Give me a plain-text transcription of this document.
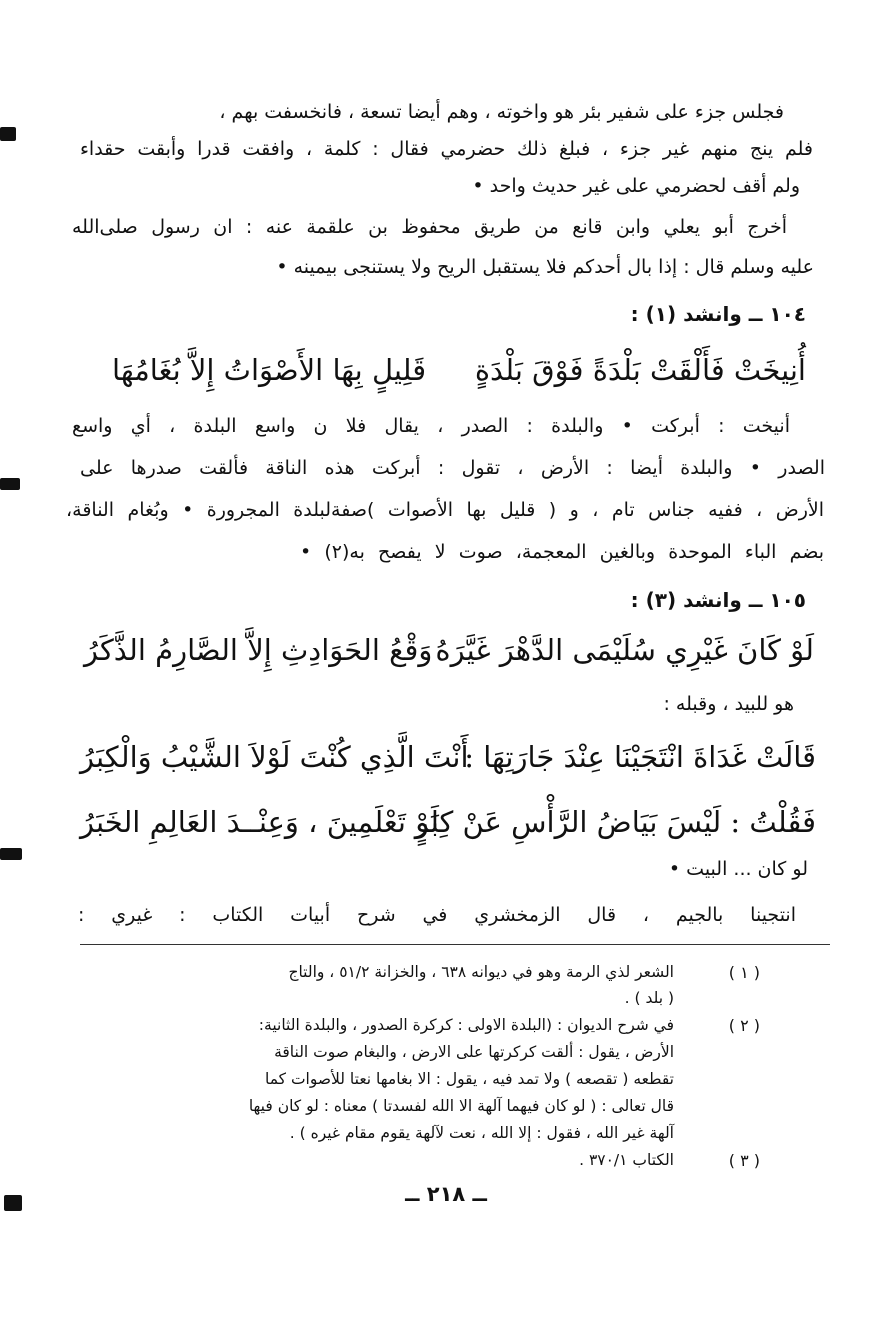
فجلس جزء على شفير بئر هو واخوته ، وهم أيضا تسعة ، فانخسفت بهم ،
فلم ينج منهم غير جزء ، فبلغ ذلك حضرمي فقال : كلمة ، وافقت قدرا وأبقت حقداء
ولم أقف لحضرمي على غير حديث واحد •
أخرج أبو يعلي وابن قانع من طريق محفوظ بن علقمة عنه : ان رسول صلى‌الله
عليه وسلم قال : إذا بال أحدكم فلا يستقبل الريح ولا يستنجى بيمينه •
١٠٤ ــ وانشد (١) :
أُنِيخَتْ فَأَلْقَتْ بَلْدَةً فَوْقَ بَلْدَةٍ
قَلِيلٍ بِهَا الأَصْوَاتُ إِلاَّ بُغَامُهَا
أنيخت : أبركت • والبلدة : الصدر ، يقال فلا ن واسع البلدة ، أي واسع
الصدر • والبلدة أيضا : الأرض ، تقول : أبركت هذه الناقة فألقت صدرها على
الأرض ، ففيه جناس تام ، و ( قليل بها الأصوات )صفةلبلدة المجرورة • وبُغام الناقة،
بضم الباء الموحدة وبالغين المعجمة، صوت لا يفصح به(٢) •
١٠٥ ــ وانشد (٣) :
لَوْ كَانَ غَيْرِي سُلَيْمَى الدَّهْرَ غَيَّرَهُ
وَقْعُ الحَوَادِثِ إِلاَّ الصَّارِمُ الذَّكَرُ
هو للبيد ، وقبله :
قَالَتْ غَدَاةَ انْتَجَيْنَا عِنْدَ جَارَتِهَا :
أَنْتَ الَّذِي كُنْتَ لَوْلاَ الشَّيْبُ وَالْكِبَرُ
فَقُلْتُ : لَيْسَ بَيَاضُ الرَّأْسِ عَنْ كِبَرٍ
لَوْ تَعْلَمِينَ ، وَعِنْــدَ العَالِمِ الخَبَرُ
لو كان ... البيت •
انتجينا بالجيم ، قال الزمخشري في شرح أبيات الكتاب : غيري :
( ١ )
الشعر لذي الرمة وهو في ديوانه ٦٣٨ ، والخزانة ٥١/٢ ، والتاج
( بلد ) .
( ٢ )
في شرح الديوان : (البلدة الاولى : كركرة الصدور ، والبلدة الثانية:
الأرض ، يقول : ألقت كركرتها على الارض ، والبغام صوت الناقة
تقطعه ( تقصعه ) ولا تمد فيه ، يقول : الا بغامها نعتا للأصوات كما
قال تعالى : ( لو كان فيهما آلهة الا الله لفسدتا ) معناه : لو كان فيها
آلهة غير الله ، فقول : إلا الله ، نعت لآلهة يقوم مقام غيره ) .
( ٣ )
الكتاب ٣٧٠/١ .
ــ ٢١٨ ــ
